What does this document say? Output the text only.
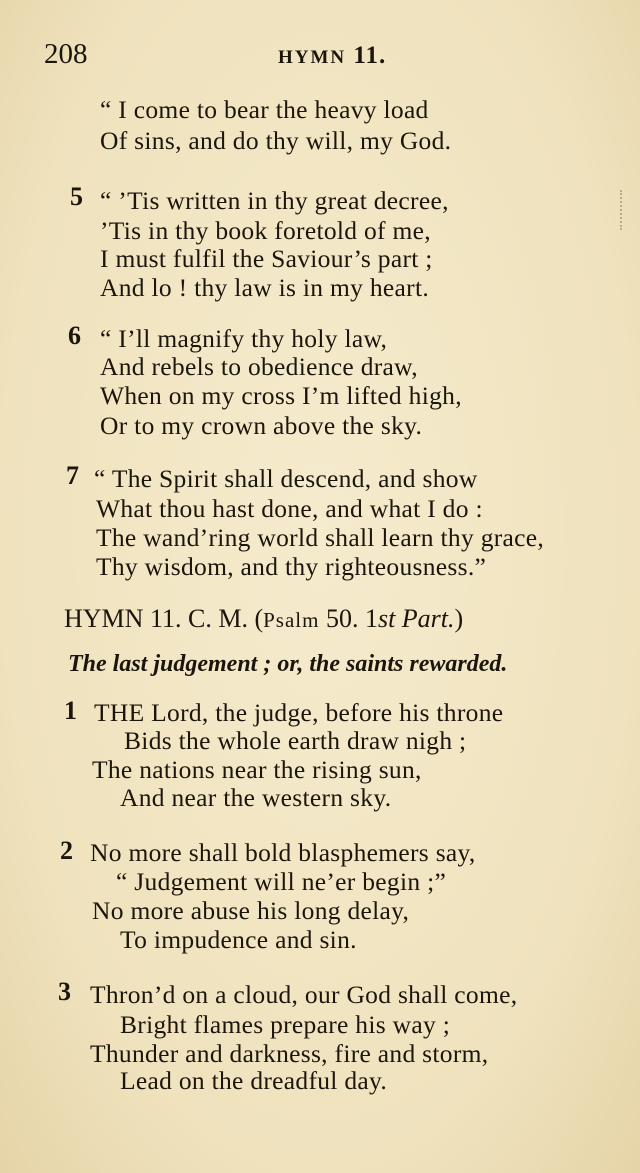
208	HYMN 11.
“ I come to bear the heavy load
Of sins, and do thy will, my God.
5 “ ’Tis written in thy great decree,
’Tis in thy book foretold of me,
I must fulfil the Saviour’s part ;
And lo ! thy law is in my heart.
6 “ I’ll magnify thy holy law,
And rebels to obedience draw,
When on my cross I’m lifted high,
Or to my crown above the sky.
7 “ The Spirit shall descend, and show
What thou hast done, and what I do :
The wand’ring world shall learn thy grace,
Thy wisdom, and thy righteousness.”
HYMN 11. C. M. (Psalm 50. 1st Part.)
The last judgement ; or, the saints rewarded.
1 THE Lord, the judge, before his throne
Bids the whole earth draw nigh ;
The nations near the rising sun,
And near the western sky.
2 No more shall bold blasphemers say,
“ Judgement will ne’er begin ;”
No more abuse his long delay,
To impudence and sin.
3 Thron’d on a cloud, our God shall come,
Bright flames prepare his way ;
Thunder and darkness, fire and storm,
Lead on the dreadful day.
